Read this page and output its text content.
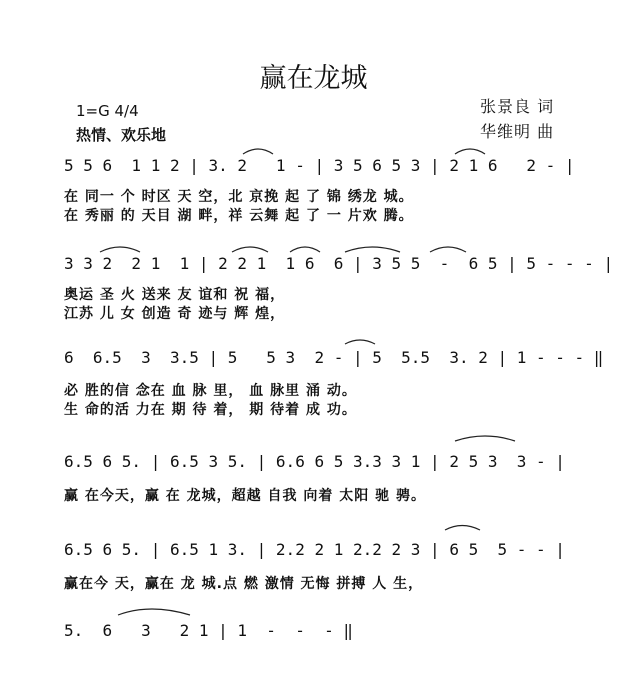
赢在龙城
1=G 4/4
热情、欢乐地
张景良 词
华维明 曲
5 5 6  1 1 2 | 3. 2   1 - | 3 5 6 5 3 | 2 1 6   2 - |
在 同一 个 时区 天 空，北 京挽 起 了 锦 绣龙 城。
在 秀丽 的 天目 湖 畔，祥 云舞 起 了 一 片欢 腾。
3 3 2  2 1  1 | 2 2 1  1 6  6 | 3 5 5  -  6 5 | 5 - - - |
奥运 圣 火 送来 友 谊和 祝 福，
江苏 儿 女 创造 奇 迹与 辉 煌，
6  6.5  3  3.5 | 5   5 3  2 - | 5  5.5  3. 2 | 1 - - - ‖
必 胜的信 念在 血 脉 里， 血 脉里 涌 动。
生 命的活 力在 期 待 着， 期 待着 成 功。
6.5 6 5. | 6.5 3 5. | 6.6 6 5 3.3 3 1 | 2 5 3  3 - |
赢 在今天，赢 在 龙城，超越 自我 向着 太阳 驰 骋。
6.5 6 5. | 6.5 1 3. | 2.2 2 1 2.2 2 3 | 6 5  5 - - |
赢在今 天，赢在 龙 城.点 燃 激情 无悔 拼搏 人 生，
5.  6   3   2 1 | 1  -  -  - ‖
